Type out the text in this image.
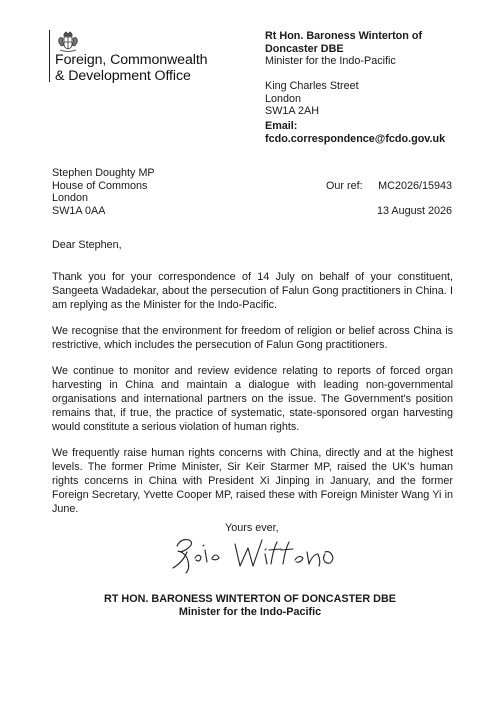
Foreign, Commonwealth
& Development Office
Rt Hon. Baroness Winterton of
Doncaster DBE
Minister for the Indo-Pacific
King Charles Street
London
SW1A 2AH
Email:
fcdo.correspondence@fcdo.gov.uk
Stephen Doughty MP
House of Commons
London
SW1A 0AA
Our ref: MC2026/15943
13 August 2026
Dear Stephen,

Thank you for your correspondence of 14 July on behalf of your constituent, Sangeeta Wadadekar, about the persecution of Falun Gong practitioners in China. I am replying as the Minister for the Indo-Pacific.

We recognise that the environment for freedom of religion or belief across China is restrictive, which includes the persecution of Falun Gong practitioners.

We continue to monitor and review evidence relating to reports of forced organ harvesting in China and maintain a dialogue with leading non-governmental organisations and international partners on the issue. The Government's position remains that, if true, the practice of systematic, state-sponsored organ harvesting would constitute a serious violation of human rights.

We frequently raise human rights concerns with China, directly and at the highest levels. The former Prime Minister, Sir Keir Starmer MP, raised the UK's human rights concerns in China with President Xi Jinping in January, and the former Foreign Secretary, Yvette Cooper MP, raised these with Foreign Minister Wang Yi in June.

Yours ever,
RT HON. BARONESS WINTERTON OF DONCASTER DBE
Minister for the Indo-Pacific
